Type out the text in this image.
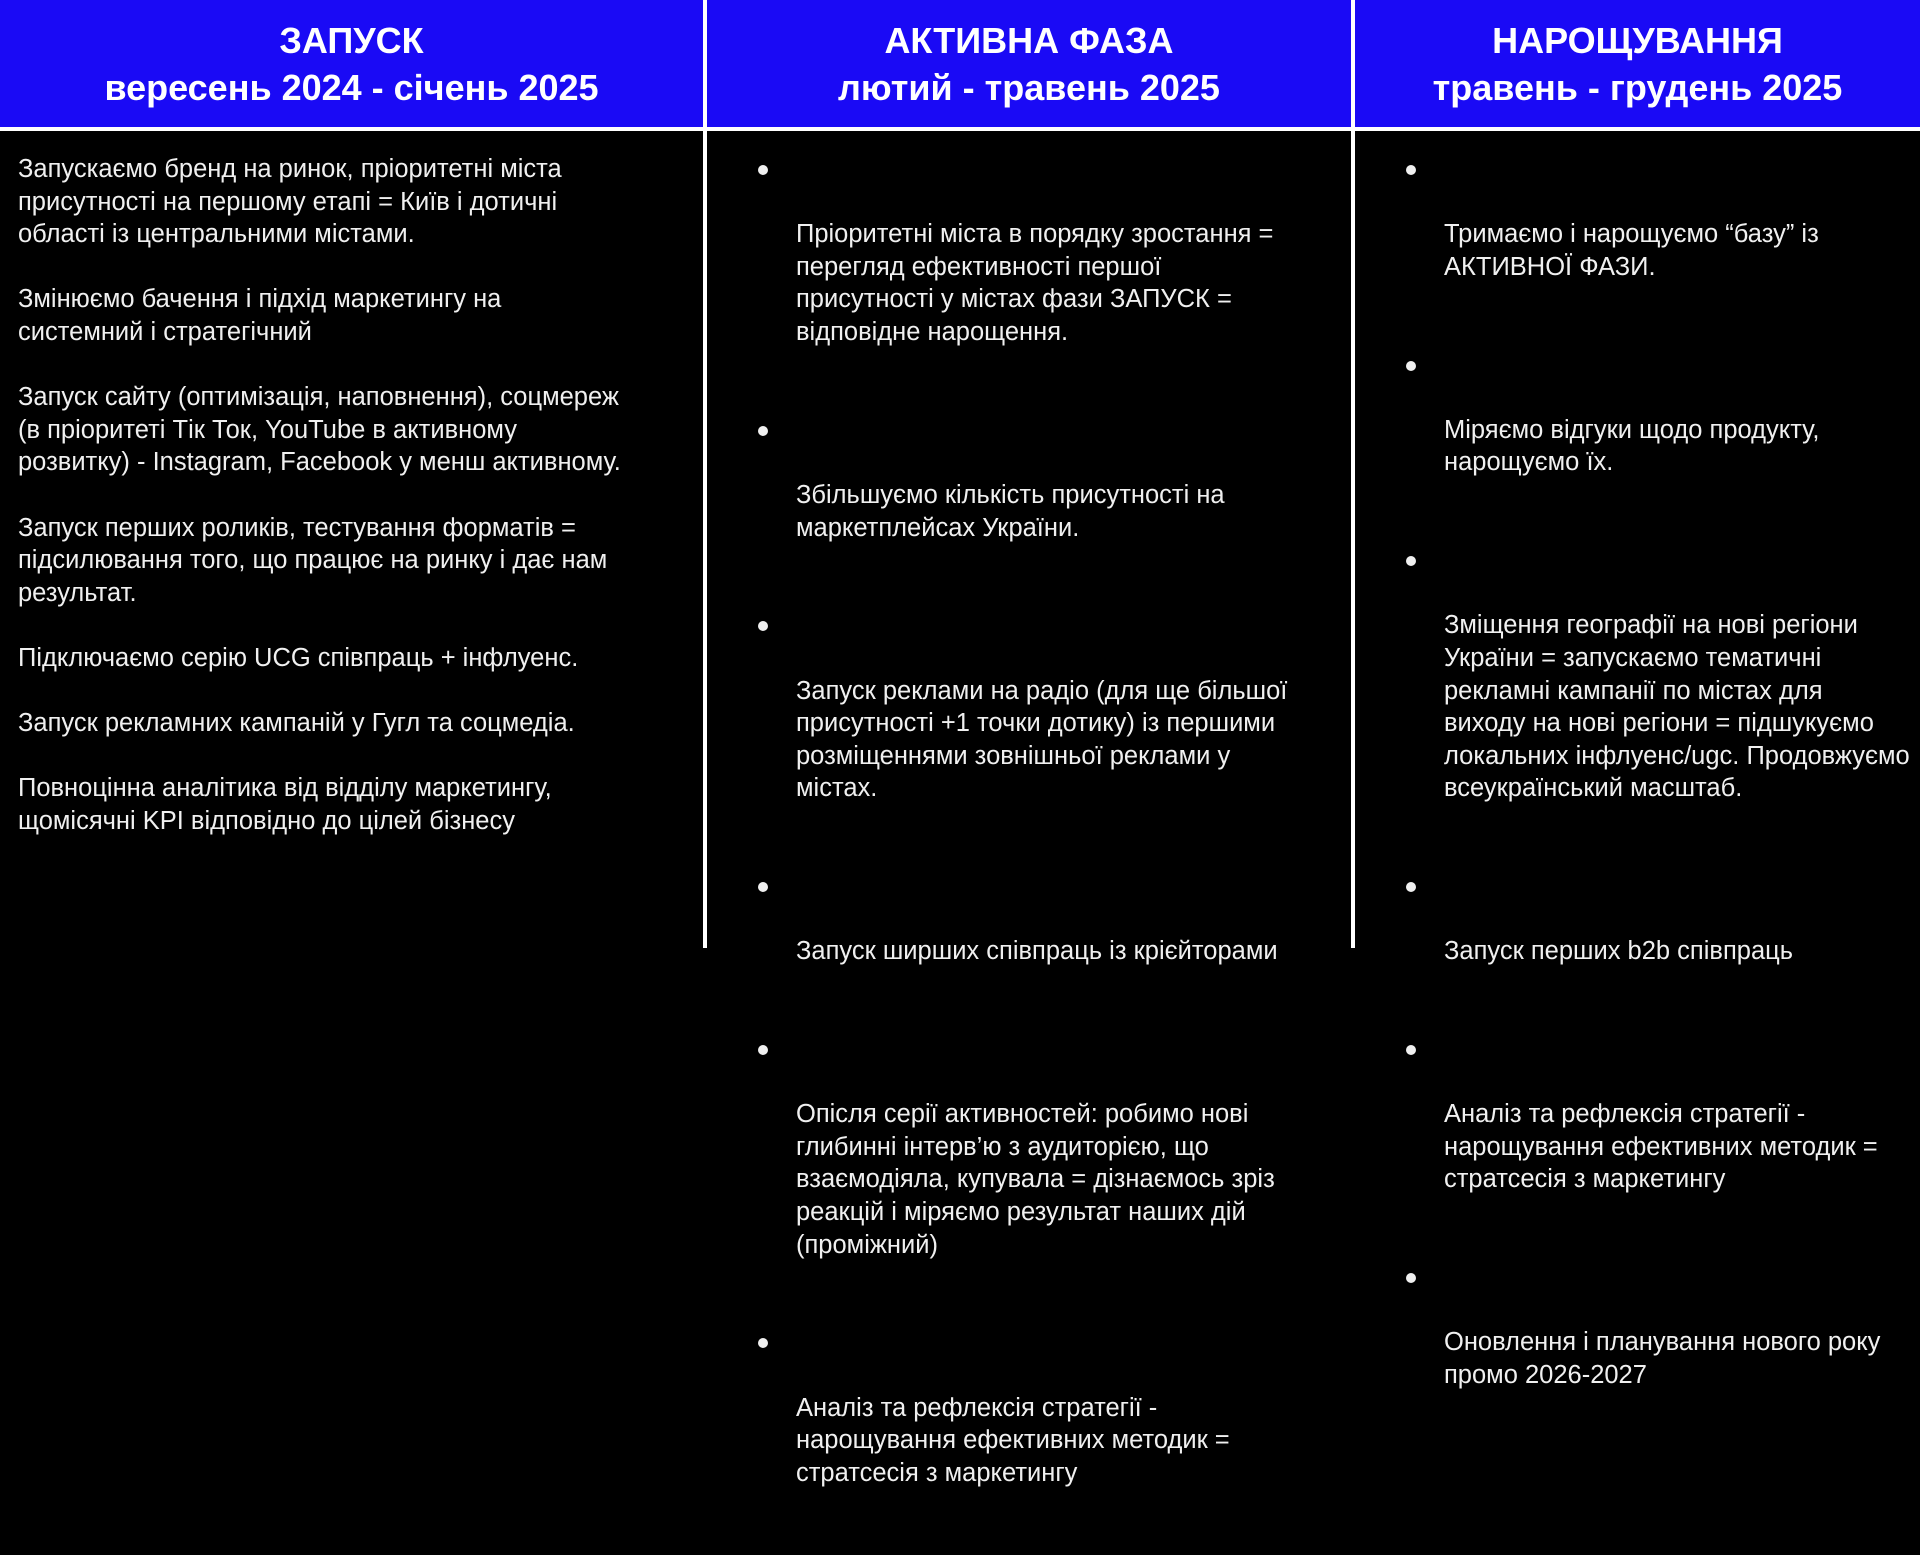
ЗАПУСК
вересень 2024 - січень 2025

Запускаємо бренд на ринок, пріоритетні міста
присутності на першому етапі = Київ і дотичні
області із центральними містами.

Змінюємо бачення і підхід маркетингу на
системний і стратегічний

Запуск сайту (оптимізація, наповнення), соцмереж
(в пріоритеті Тік Ток, YouTube в активному
розвитку) - Instagram, Facebook у менш активному.

Запуск перших роликів, тестування форматів =
підсилювання того, що працює на ринку і дає нам
результат.

Підключаємо серію UCG співпраць + інфлуенс.

Запуск рекламних кампаній у Гугл та соцмедіа.

Повноцінна аналітика від відділу маркетингу,
щомісячні KPI відповідно до цілей бізнесу

АКТИВНА ФАЗА
лютий - травень 2025

Пріоритетні міста в порядку зростання =
перегляд ефективності першої
присутності у містах фази ЗАПУСК =
відповідне нарощення.

Збільшуємо кількість присутності на
маркетплейсах України.

Запуск реклами на радіо (для ще більшої
присутності +1 точки дотику) із першими
розміщеннями зовнішньої реклами у
містах.

Запуск ширших співпраць із крієйторами

Опісля серії активностей: робимо нові
глибинні інтерв’ю з аудиторією, що
взаємодіяла, купувала = дізнаємось зріз
реакцій і міряємо результат наших дій
(проміжний)

Аналіз та рефлексія стратегії -
нарощування ефективних методик =
стратсесія з маркетингу

НАРОЩУВАННЯ
травень - грудень 2025

Тримаємо і нарощуємо “базу” із
АКТИВНОЇ ФАЗИ.

Міряємо відгуки щодо продукту,
нарощуємо їх.

Зміщення географії на нові регіони
України = запускаємо тематичні
рекламні кампанії по містах для
виходу на нові регіони = підшукуємо
локальних інфлуенс/ugc. Продовжуємо
всеукраїнський масштаб.

Запуск перших b2b співпраць

Аналіз та рефлексія стратегії -
нарощування ефективних методик =
стратсесія з маркетингу

Оновлення і планування нового року
промо 2026-2027
